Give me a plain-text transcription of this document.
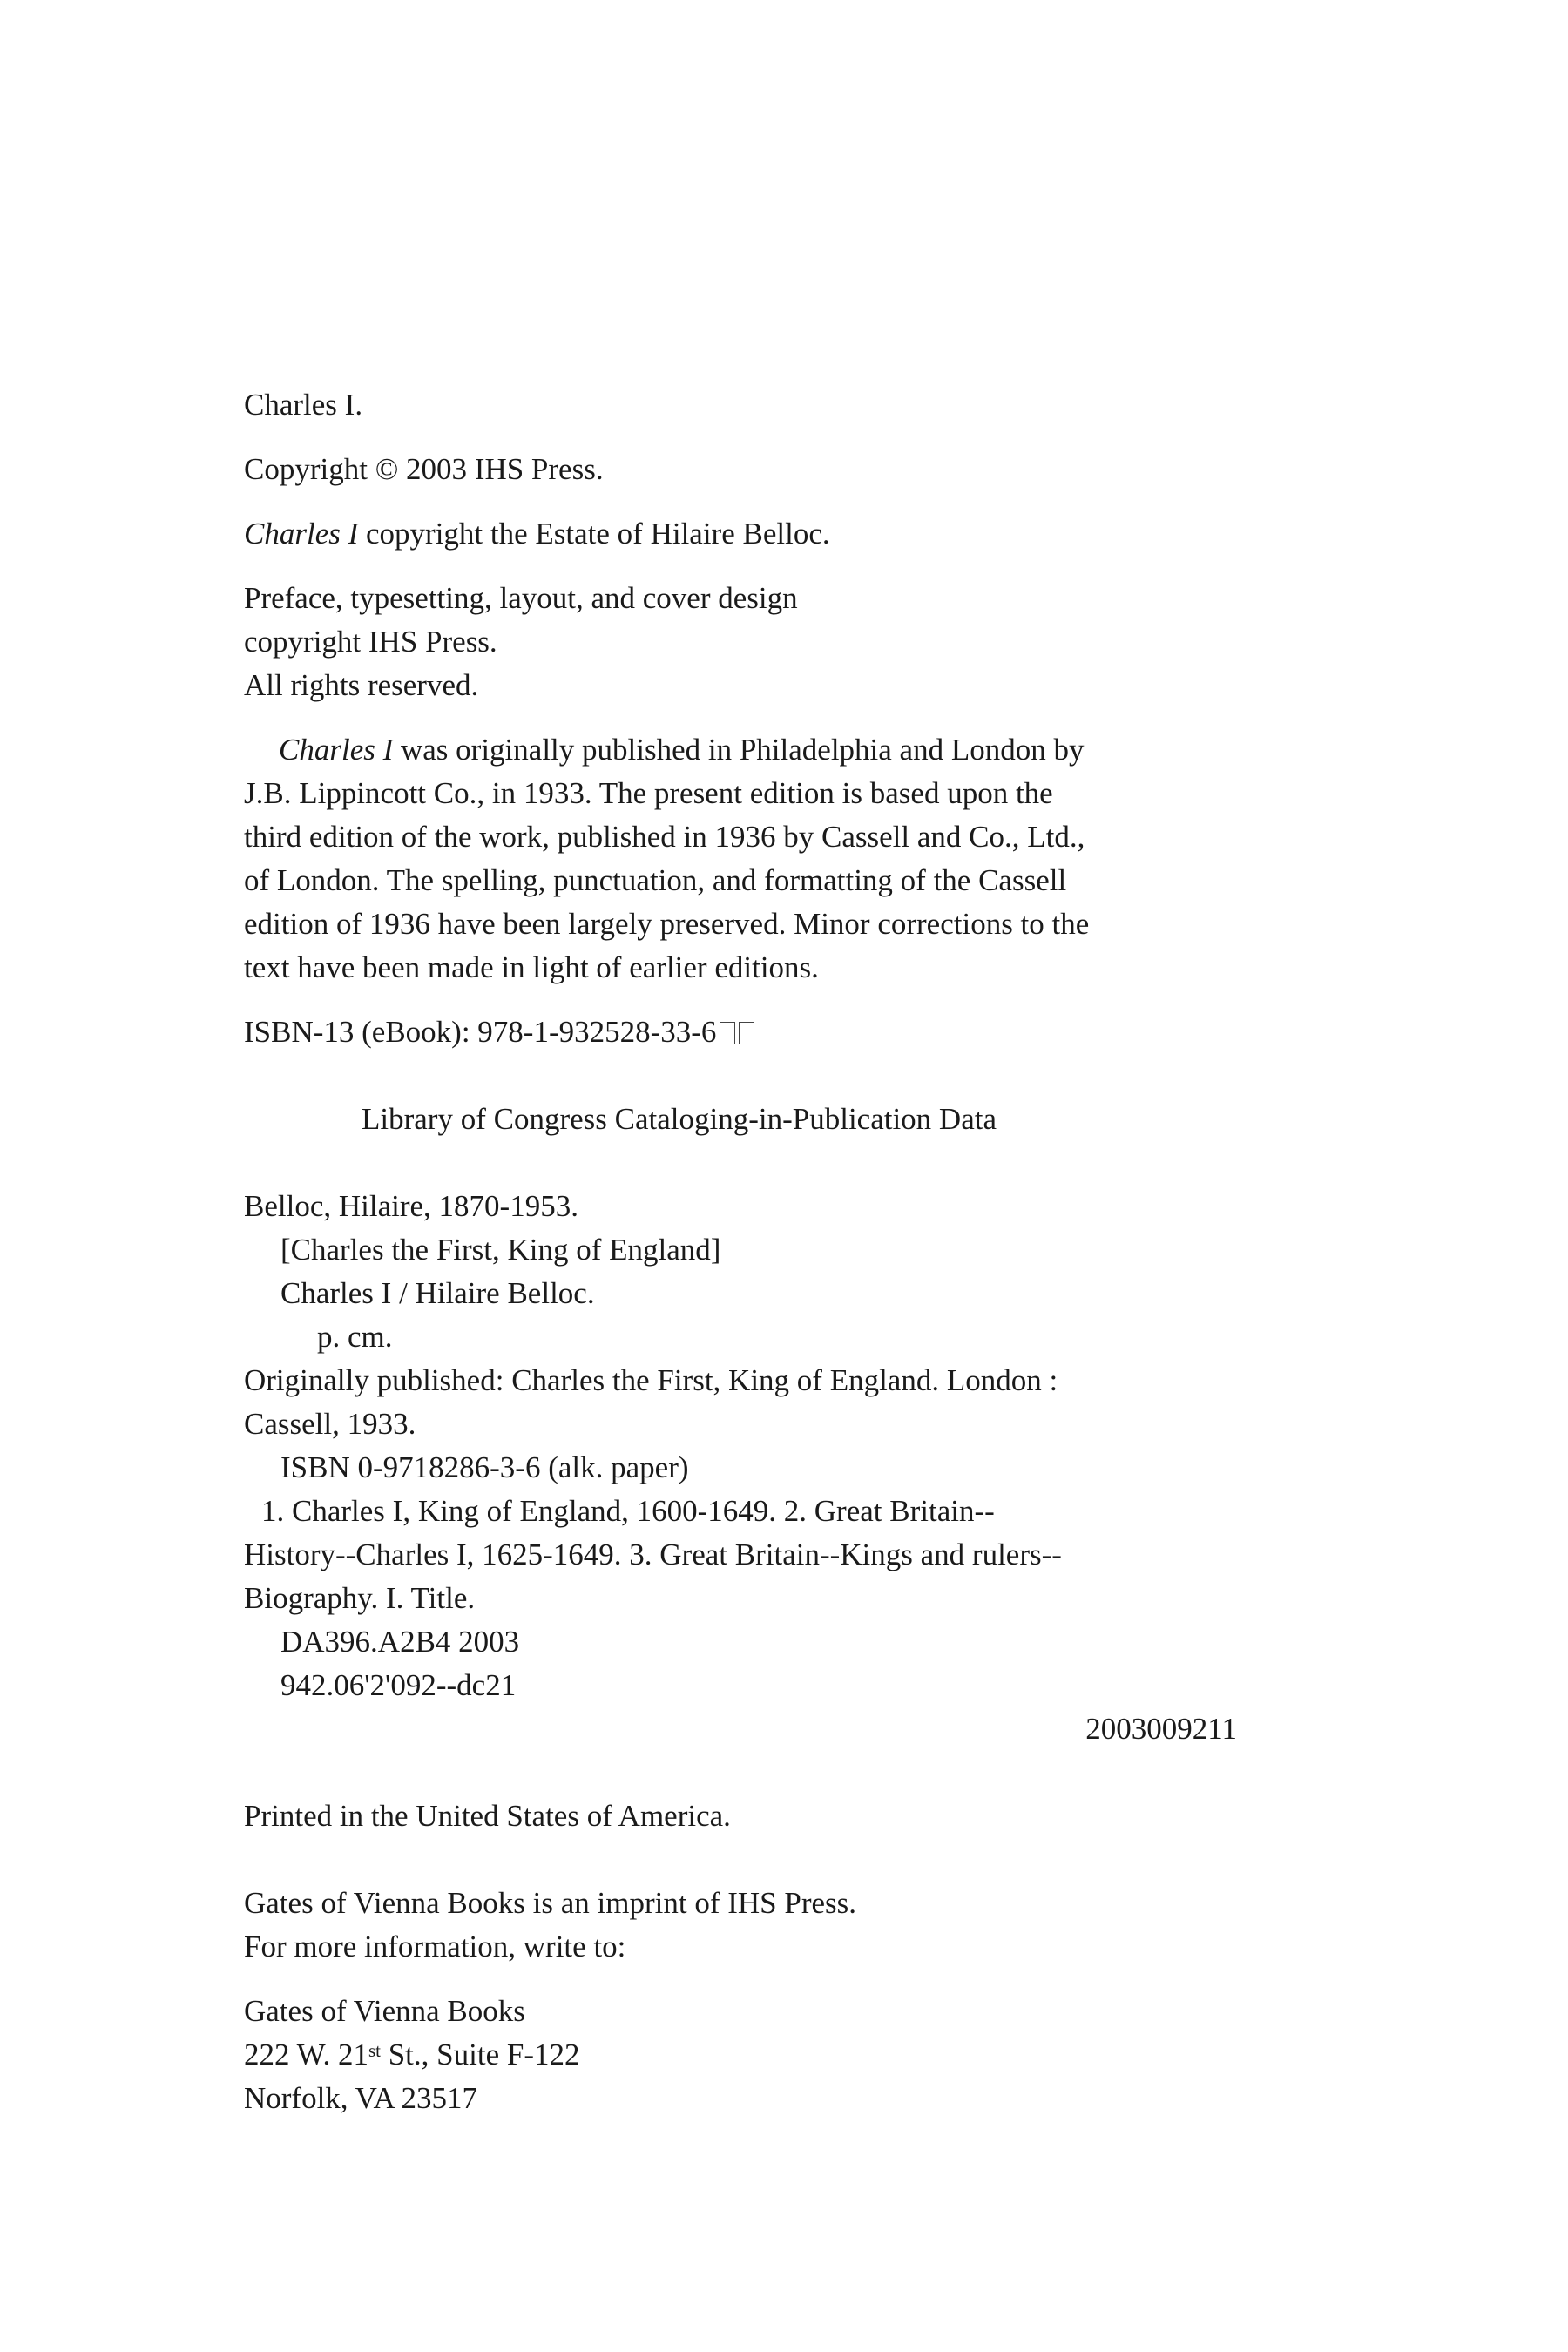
Charles I.

Copyright © 2003 IHS Press.

Charles I copyright the Estate of Hilaire Belloc.

Preface, typesetting, layout, and cover design
copyright IHS Press.
All rights reserved.

Charles I was originally published in Philadelphia and London by
J.B. Lippincott Co., in 1933. The present edition is based upon the
third edition of the work, published in 1936 by Cassell and Co., Ltd.,
of London. The spelling, punctuation, and formatting of the Cassell
edition of 1936 have been largely preserved. Minor corrections to the
text have been made in light of earlier editions.

ISBN-13 (eBook): 978-1-932528-33-6

Library of Congress Cataloging-in-Publication Data

Belloc, Hilaire, 1870-1953.
[Charles the First, King of England]
Charles I / Hilaire Belloc.
p. cm.
Originally published: Charles the First, King of England. London :
Cassell, 1933.
ISBN 0-9718286-3-6 (alk. paper)
1. Charles I, King of England, 1600-1649. 2. Great Britain--
History--Charles I, 1625-1649. 3. Great Britain--Kings and rulers--
Biography. I. Title.
DA396.A2B4 2003
942.06'2'092--dc21
2003009211

Printed in the United States of America.

Gates of Vienna Books is an imprint of IHS Press.
For more information, write to:

Gates of Vienna Books
222 W. 21st St., Suite F-122
Norfolk, VA 23517
